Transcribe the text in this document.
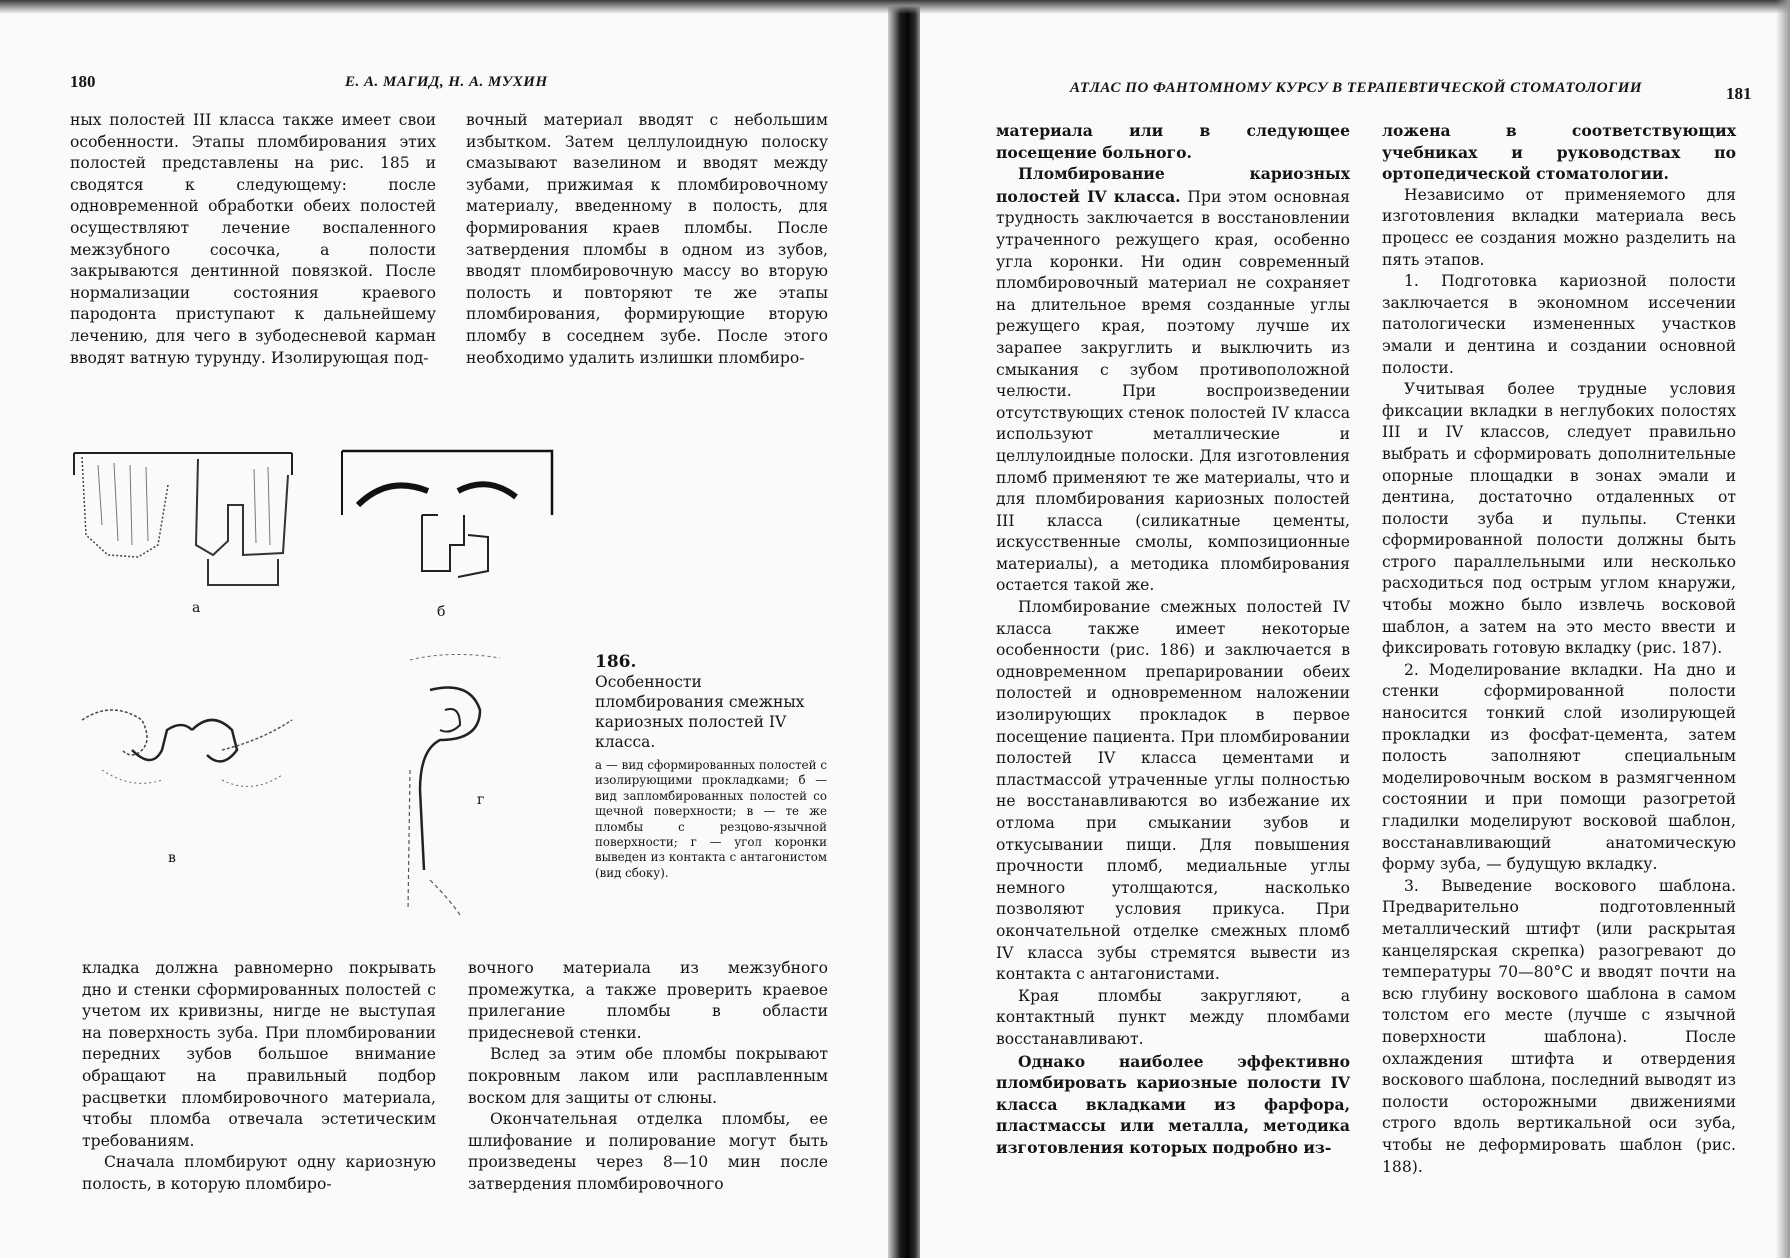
180	Е. А. МАГИД, Н. А. МУХИН

ных полостей III класса также имеет свои особенности. Этапы пломбирования этих полостей представлены на рис. 185 и сводятся к следующему: после одновременной обработки обеих полостей осуществляют лечение воспаленного межзубного сосочка, а полости закрываются дентинной повязкой. После нормализации состояния краевого пародонта приступают к дальнейшему лечению, для чего в зубодесневой карман вводят ватную турунду. Изолирующая под-

вочный материал вводят с небольшим избытком. Затем целлулоидную полоску смазывают вазелином и вводят между зубами, прижимая к пломбировочному материалу, введенному в полость, для формирования краев пломбы. После затвердения пломбы в одном из зубов, вводят пломбировочную массу во вторую полость и повторяют те же этапы пломбирования, формирующие вторую пломбу в соседнем зубе. После этого необходимо удалить излишки пломбиро-

а	б
в
г
186.
Особенности пломбирования смежных кариозных полостей IV класса.
а — вид сформированных полостей с изолирующими прокладками; б — вид запломбированных полостей со щечной поверхности; в — те же пломбы с резцово-язычной поверхности; г — угол коронки выведен из контакта с антагонистом (вид сбоку).

кладка должна равномерно покрывать дно и стенки сформированных полостей с учетом их кривизны, нигде не выступая на поверхность зуба. При пломбировании передних зубов большое внимание обращают на правильный подбор расцветки пломбировочного материала, чтобы пломба отвечала эстетическим требованиям.

Сначала пломбируют одну кариозную полость, в которую пломбиро-

вочного материала из межзубного промежутка, а также проверить краевое прилегание пломбы в области придесневой стенки.

Вслед за этим обе пломбы покрывают покровным лаком или расплавленным воском для защиты от слюны.

Окончательная отделка пломбы, ее шлифование и полирование могут быть произведены через 8—10 мин после затвердения пломбировочного

АТЛАС ПО ФАНТОМНОМУ КУРСУ В ТЕРАПЕВТИЧЕСКОЙ СТОМАТОЛОГИИ	181

материала или в следующее посещение больного.

Пломбирование кариозных полостей IV класса. При этом основная трудность заключается в восстановлении утраченного режущего края, особенно угла коронки. Ни один современный пломбировочный материал не сохраняет на длительное время созданные углы режущего края, поэтому лучше их зарапее закруглить и выключить из смыкания с зубом противоположной челюсти. При воспроизведении отсутствующих стенок полостей IV класса используют металлические и целлулоидные полоски. Для изготовления пломб применяют те же материалы, что и для пломбирования кариозных полостей III класса (силикатные цементы, искусственные смолы, композиционные материалы), а методика пломбирования остается такой же.

Пломбирование смежных полостей IV класса также имеет некоторые особенности (рис. 186) и заключается в одновременном препарировании обеих полостей и одновременном наложении изолирующих прокладок в первое посещение пациента. При пломбировании полостей IV класса цементами и пластмассой утраченные углы полностью не восстанавливаются во избежание их отлома при смыкании зубов и откусывании пищи. Для повышения прочности пломб, медиальные углы немного утолщаются, насколько позволяют условия прикуса. При окончательной отделке смежных пломб IV класса зубы стремятся вывести из контакта с антагонистами.

Края пломбы закругляют, а контактный пункт между пломбами восстанавливают.

Однако наиболее эффективно пломбировать кариозные полости IV класса вкладками из фарфора, пластмассы или металла, методика изготовления которых подробно из-

ложена в соответствующих учебниках и руководствах по ортопедической стоматологии.

Независимо от применяемого для изготовления вкладки материала весь процесс ее создания можно разделить на пять этапов.

1. Подготовка кариозной полости заключается в экономном иссечении патологически измененных участков эмали и дентина и создании основной полости.

Учитывая более трудные условия фиксации вкладки в неглубоких полостях III и IV классов, следует правильно выбрать и сформировать дополнительные опорные площадки в зонах эмали и дентина, достаточно отдаленных от полости зуба и пульпы. Стенки сформированной полости должны быть строго параллельными или несколько расходиться под острым углом кнаружи, чтобы можно было извлечь восковой шаблон, а затем на это место ввести и фиксировать готовую вкладку (рис. 187).

2. Моделирование вкладки. На дно и стенки сформированной полости наносится тонкий слой изолирующей прокладки из фосфат-цемента, затем полость заполняют специальным моделировочным воском в размягченном состоянии и при помощи разогретой гладилки моделируют восковой шаблон, восстанавливающий анатомическую форму зуба, — будущую вкладку.

3. Выведение воскового шаблона. Предварительно подготовленный металлический штифт (или раскрытая канцелярская скрепка) разогревают до температуры 70—80°С и вводят почти на всю глубину воскового шаблона в самом толстом его месте (лучше с язычной поверхности шаблона). После охлаждения штифта и отвердения воскового шаблона, последний выводят из полости осторожными движениями строго вдоль вертикальной оси зуба, чтобы не деформировать шаблон (рис. 188).
